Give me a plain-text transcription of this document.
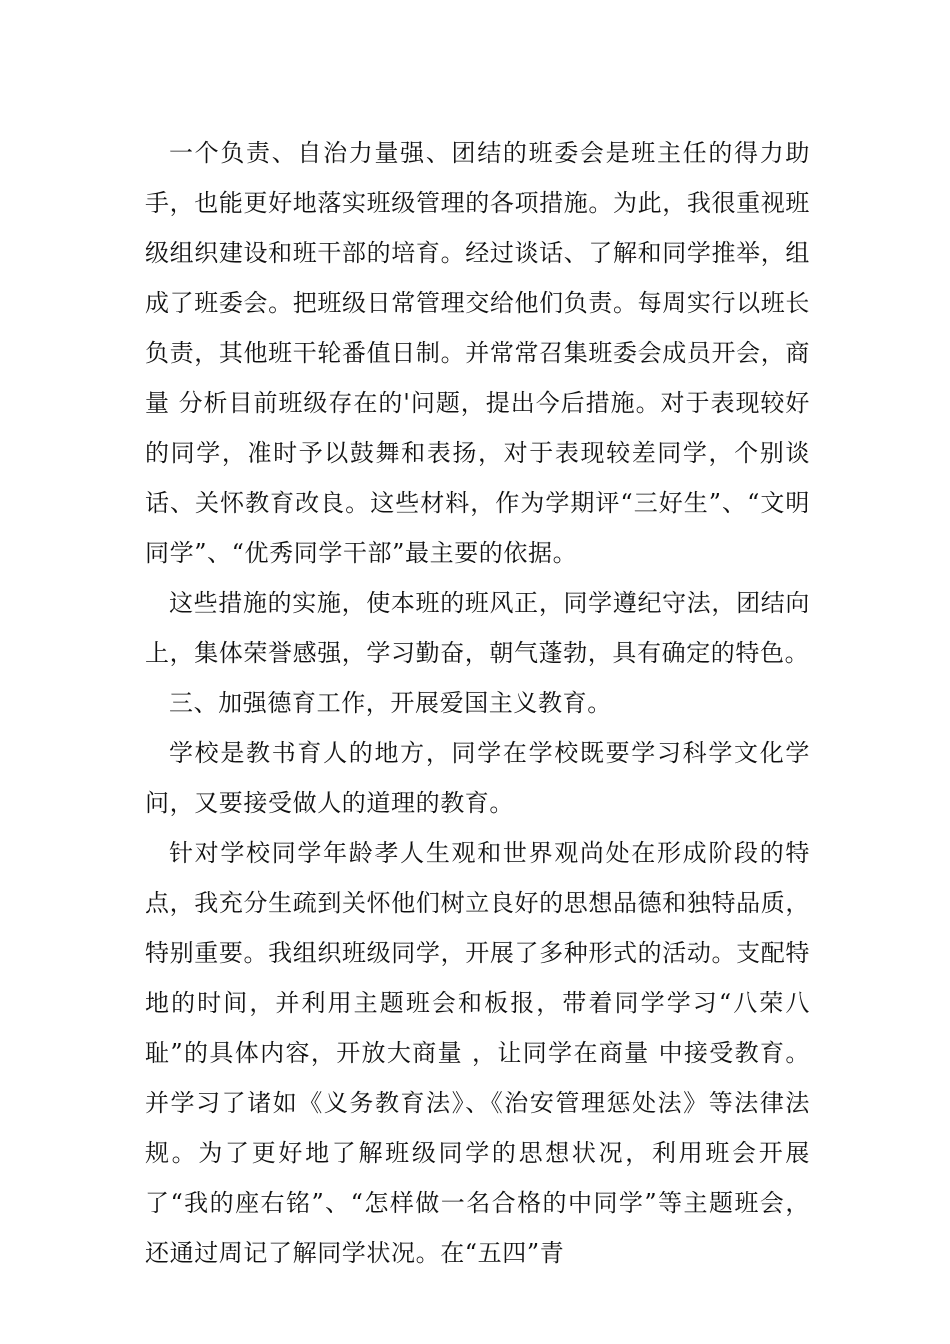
一个负责、自治力量强、团结的班委会是班主任的得力助手，也能更好地落实班级管理的各项措施。为此，我很重视班级组织建设和班干部的培育。经过谈话、了解和同学推举，组成了班委会。把班级日常管理交给他们负责。每周实行以班长负责，其他班干轮番值日制。并常常召集班委会成员开会，商量 分析目前班级存在的'问题，提出今后措施。对于表现较好的同学，准时予以鼓舞和表扬，对于表现较差同学，个别谈话、关怀教育改良。这些材料，作为学期评“三好生”、“文明同学”、“优秀同学干部”最主要的依据。

这些措施的实施，使本班的班风正，同学遵纪守法，团结向上，集体荣誉感强，学习勤奋，朝气蓬勃，具有确定的特色。

三、加强德育工作，开展爱国主义教育。

学校是教书育人的地方，同学在学校既要学习科学文化学问，又要接受做人的道理的教育。

针对学校同学年龄孝人生观和世界观尚处在形成阶段的特点，我充分生疏到关怀他们树立良好的思想品德和独特品质，特别重要。我组织班级同学，开展了多种形式的活动。支配特地的时间，并利用主题班会和板报，带着同学学习“八荣八耻”的具体内容，开放大商量 ，让同学在商量 中接受教育。并学习了诸如《义务教育法》、《治安管理惩处法》等法律法规。为了更好地了解班级同学的思想状况，利用班会开展了“我的座右铭”、“怎样做一名合格的中同学”等主题班会，还通过周记了解同学状况。在“五四”青
